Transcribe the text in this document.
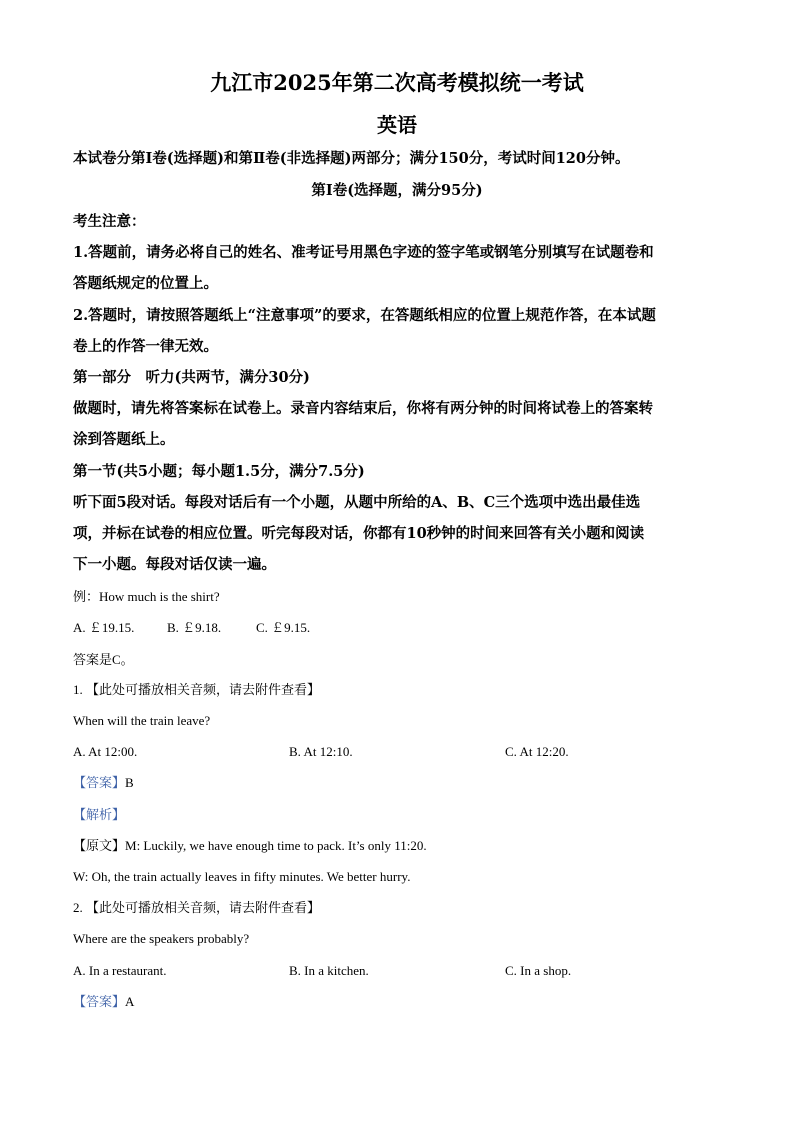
九江市2025年第二次高考模拟统一考试
英语
本试卷分第Ⅰ卷(选择题)和第Ⅱ卷(非选择题)两部分；满分150分，考试时间120分钟。
第Ⅰ卷(选择题，满分95分)
考生注意：
1.答题前，请务必将自己的姓名、准考证号用黑色字迹的签字笔或钢笔分别填写在试题卷和
答题纸规定的位置上。
2.答题时，请按照答题纸上“注意事项”的要求，在答题纸相应的位置上规范作答，在本试题
卷上的作答一律无效。
第一部分　听力(共两节，满分30分)
做题时，请先将答案标在试卷上。录音内容结束后，你将有两分钟的时间将试卷上的答案转
涂到答题纸上。
第一节(共5小题；每小题1.5分，满分7.5分)
听下面5段对话。每段对话后有一个小题，从题中所给的A、B、C三个选项中选出最佳选
项，并标在试卷的相应位置。听完每段对话，你都有10秒钟的时间来回答有关小题和阅读
下一小题。每段对话仅读一遍。
例：How much is the shirt?
A. ￡19.15.	B. ￡9.18.	C. ￡9.15.
答案是C。
1. 【此处可播放相关音频，请去附件查看】
When will the train leave?
A. At 12:00.	B. At 12:10.	C. At 12:20.
【答案】B
【解析】
【原文】M: Luckily, we have enough time to pack. It’s only 11:20.
W: Oh, the train actually leaves in fifty minutes. We better hurry.
2. 【此处可播放相关音频，请去附件查看】
Where are the speakers probably?
A. In a restaurant.	B. In a kitchen.	C. In a shop.
【答案】A
